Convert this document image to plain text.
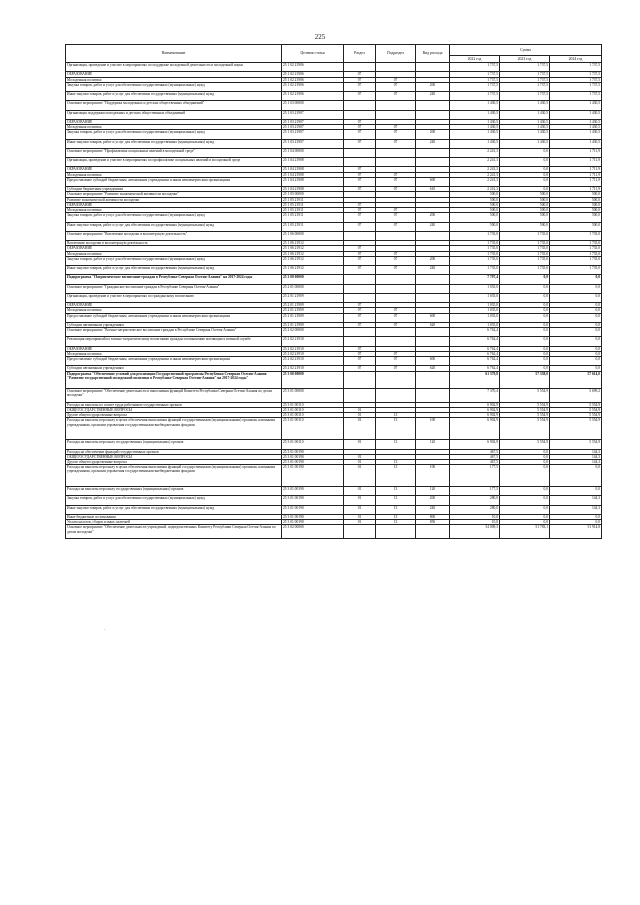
225
Наименование	Целевая статья	Раздел	Подраздел	Вид расхода	Сумма		
					2022 год	2023 год	2024 год
Организация, проведение и участие в мероприятиях по поддержке молодежной деятельности и молодежной науки	25 1 02 21906				1 737,5	1 737,5	1 737,5
ОБРАЗОВАНИЕ	25 1 02 21906	07			1 737,5	1 737,5	1 737,5
Молодежная политика	25 1 02 21906	07	07		1 737,5	1 737,5	1 737,5
Закупка товаров, работ и услуг для обеспечения государственных (муниципальных) нужд	25 1 02 21906	07	07	200	1 737,5	1 737,5	1 737,5
Иные закупки товаров, работ и услуг для обеспечения государственных (муниципальных) нужд	25 1 02 21906	07	07	240	1 737,5	1 737,5	1 737,5
Основное мероприятие "Поддержка молодежных и детских общественных объединений"	25 1 03 00000				1 430,5	1 430,5	1 430,5
Организация поддержки молодежных и детских общественных объединений	25 1 03 21907				1 430,5	1 430,5	1 430,5
ОБРАЗОВАНИЕ	25 1 03 21907	07			1 430,5	1 430,5	1 430,5
Молодежная политика	25 1 03 21907	07	07		1 430,5	1 430,5	1 430,5
Закупка товаров, работ и услуг для обеспечения государственных (муниципальных) нужд	25 1 03 21907	07	07	200	1 430,5	1 430,5	1 430,5
Иные закупки товаров, работ и услуг для обеспечения государственных (муниципальных) нужд	25 1 03 21907	07	07	240	1 430,5	1 430,5	1 430,5
Основное мероприятие "Профилактика асоциальных явлений в молодежной среде"	25 1 04 00000				2 241,3	0,0	1 711,9
Организация, проведение и участие в мероприятиях по профилактике асоциальных явлений в молодежной среде	25 1 04 21908				2 241,3	0,0	1 711,9
ОБРАЗОВАНИЕ	25 1 04 21908	07			2 241,3	0,0	1 711,9
Молодежная политика	25 1 04 21908	07	07		2 241,3	0,0	1 711,9
Предоставление субсидий бюджетным, автономным учреждениям и иным некоммерческим организациям	25 1 04 21908	07	07	600	2 241,3	0,0	1 711,9
Субсидии бюджетным учреждениям	25 1 04 21908	07	07	610	2 241,3	0,0	1 711,9
Основное мероприятие "Развитие экономической активности молодежи"	25 1 05 00000				500,0	500,0	500,0
Развитие экономической активности молодежи	25 1 05 21911				500,0	500,0	500,0
ОБРАЗОВАНИЕ	25 1 05 21911	07			500,0	500,0	500,0
Молодежная политика	25 1 05 21911	07	07		500,0	500,0	500,0
Закупка товаров, работ и услуг для обеспечения государственных (муниципальных) нужд	25 1 05 21911	07	07	200	500,0	500,0	500,0
Иные закупки товаров, работ и услуг для обеспечения государственных (муниципальных) нужд	25 1 05 21911	07	07	240	500,0	500,0	500,0
Основное мероприятие "Вовлечение молодежи в волонтерскую деятельность"	25 1 06 00000				1 735,0	1 735,0	1 735,0
Вовлечение молодежи в волонтерскую деятельность	25 1 06 21912				1 735,0	1 735,0	1 735,0
ОБРАЗОВАНИЕ	25 1 06 21912	07			1 735,0	1 735,0	1 735,0
Молодежная политика	25 1 06 21912	07	07		1 735,0	1 735,0	1 735,0
Закупка товаров, работ и услуг для обеспечения государственных (муниципальных) нужд	25 1 06 21912	07	07	200	1 735,0	1 735,0	1 735,0
Иные закупки товаров, работ и услуг для обеспечения государственных (муниципальных) нужд	25 1 06 21912	07	07	240	1 735,0	1 735,0	1 735,0
Подпрограмма "Патриотическое воспитание граждан в Республике Северная Осетия-Алания" на 2017-2024 годы	25 2 00 00000				7 797,4	0,0	0,0
Основное мероприятие "Гражданское воспитание граждан в Республике Северная Осетия-Алания"	25 2 01 00000				1 035,0	0,0	0,0
Организация, проведение и участие в мероприятиях по гражданскому воспитанию	25 2 01 21909				1 035,0	0,0	0,0
ОБРАЗОВАНИЕ	25 2 01 21909	07			1 035,0	0,0	0,0
Молодежная политика	25 2 01 21909	07	07		1 035,0	0,0	0,0
Предоставление субсидий бюджетным, автономным учреждениям и иным некоммерческим организациям	25 2 01 21909	07	07	600	1 035,0	0,0	0,0
Субсидии автономным учреждениям	25 2 01 21909	07	07	620	1 035,0	0,0	0,0
Основное мероприятие "Военно-патриотическое воспитание граждан в Республике Северная Осетия-Алания"	25 2 02 00000				6 762,4	0,0	0,0
Реализация мероприятий по военно-патриотическому воспитанию граждан и повышению мотивации к военной службе	25 2 02 21910				6 762,4	0,0	0,0
ОБРАЗОВАНИЕ	25 2 02 21910	07			6 762,4	0,0	0,0
Молодежная политика	25 2 02 21910	07	07		6 762,4	0,0	0,0
Предоставление субсидий бюджетным, автономным учреждениям и иным некоммерческим организациям	25 2 02 21910	07	07	600	6 762,4	0,0	0,0
Субсидии автономным учреждениям	25 2 02 21910	07	07	620	6 762,4	0,0	0,0
Подпрограмма "Обеспечение условий для реализации Государственной программы Республики Северная Осетия-Алания "Развитие государственной молодежной политики в Республике Северная Осетия-Алания" на 2017-2024 годы"	25 3 00 00000				61 379,8	57 338,0	57 614,0
Основное мероприятие "Обеспечение деятельности и выполнения функций Комитета Республики Северная Осетия-Алания по делам молодежи"	25 3 01 00000				7 370,4	5 554,9	5 699,2
Расходы на выплаты по оплате труда работников государственных органов	25 3 01 00110				6 902,9	5 554,9	5 554,9
ОБЩЕГОСУДАРСТВЕННЫЕ ВОПРОСЫ	25 3 01 00110	01			6 902,9	5 554,9	5 554,9
Другие общегосударственные вопросы	25 3 01 00110	01	13		6 902,9	5 554,9	5 554,9
Расходы на выплаты персоналу в целях обеспечения выполнения функций государственными (муниципальными) органами, казенными учреждениями, органами управления государственными внебюджетными фондами	25 3 01 00110	01	13	100	6 902,9	5 554,9	5 554,9
Расходы на выплаты персоналу государственных (муниципальных) органов	25 3 01 00110	01	13	120	6 902,9	5 554,9	5 554,9
Расходы на обеспечение функций государственных органов	25 3 01 00190				467,5	0,0	144,3
ОБЩЕГОСУДАРСТВЕННЫЕ ВОПРОСЫ	25 3 01 00190	01			467,5	0,0	144,3
Другие общегосударственные вопросы	25 3 01 00190	01	13		467,5	0,0	144,3
Расходы на выплаты персоналу в целях обеспечения выполнения функций государственными (муниципальными) органами, казенными учреждениями, органами управления государственными внебюджетными фондами	25 3 01 00190	01	13	100	177,5	0,0	0,0
Расходы на выплаты персоналу государственных (муниципальных) органов	25 3 01 00190	01	13	120	177,5	0,0	0,0
Закупка товаров, работ и услуг для обеспечения государственных (муниципальных) нужд	25 3 01 00190	01	13	200	280,0	0,0	144,3
Иные закупки товаров, работ и услуг для обеспечения государственных (муниципальных) нужд	25 3 01 00190	01	13	240	280,0	0,0	144,3
Иные бюджетные ассигнования	25 3 01 00190	01	13	800	10,0	0,0	0,0
Уплата налогов, сборов и иных платежей	25 3 01 00190	01	13	850	10,0	0,0	0,0
Основное мероприятие "Обеспечение деятельности учреждений, подведомственных Комитету Республики Северная Осетия-Алания по делам молодежи"	25 3 02 00000				54 009,3	51 783,1	51 914,8
·
